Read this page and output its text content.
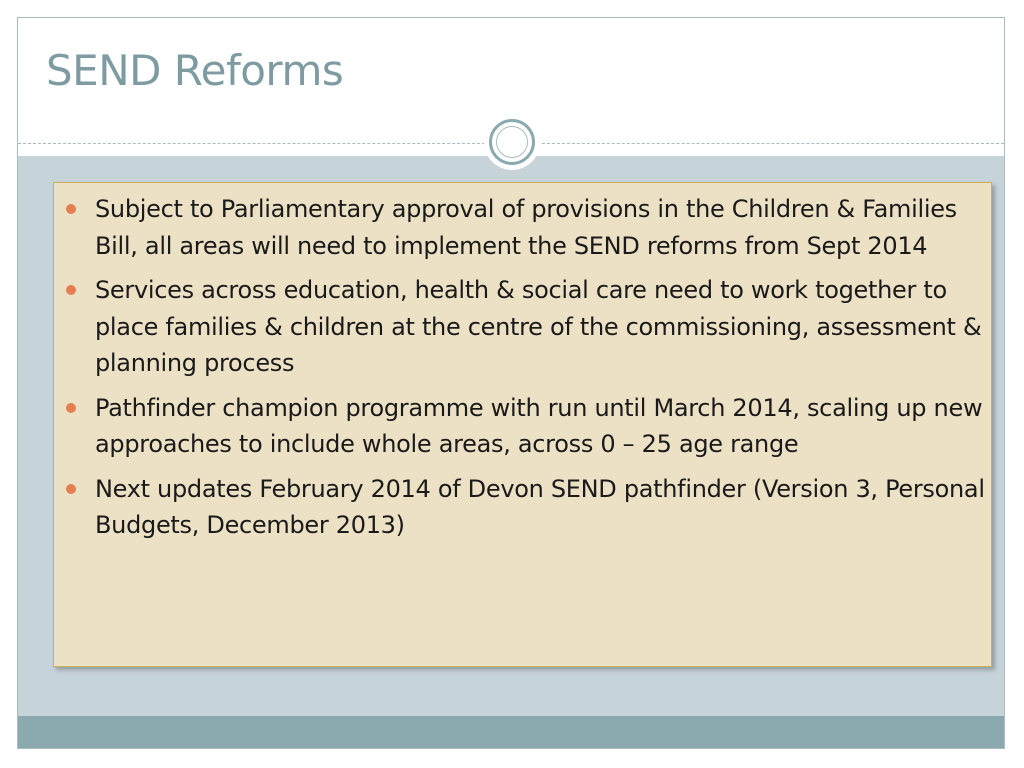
SEND Reforms
Subject to Parliamentary approval of provisions in the Children & Families Bill, all areas will need to implement the SEND reforms from Sept 2014
Services across education, health & social care need to work together to place families & children at the centre of the commissioning, assessment & planning process
Pathfinder champion programme with run until March 2014, scaling up new approaches to include whole areas, across 0 – 25 age range
Next updates February 2014 of Devon SEND pathfinder (Version 3, Personal Budgets, December 2013)
